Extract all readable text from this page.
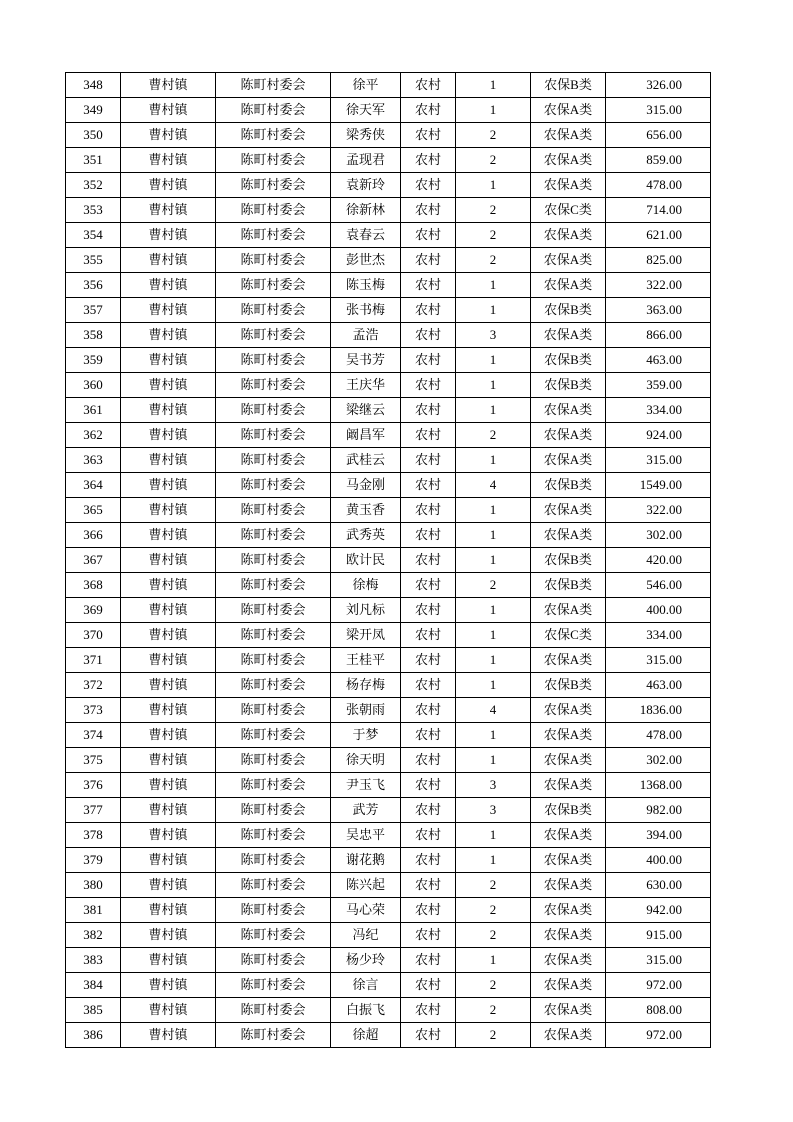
348	曹村镇	陈町村委会	徐平	农村	1	农保B类	326.00
349	曹村镇	陈町村委会	徐天军	农村	1	农保A类	315.00
350	曹村镇	陈町村委会	梁秀侠	农村	2	农保A类	656.00
351	曹村镇	陈町村委会	孟现君	农村	2	农保A类	859.00
352	曹村镇	陈町村委会	袁新玲	农村	1	农保A类	478.00
353	曹村镇	陈町村委会	徐新林	农村	2	农保C类	714.00
354	曹村镇	陈町村委会	袁春云	农村	2	农保A类	621.00
355	曹村镇	陈町村委会	彭世杰	农村	2	农保A类	825.00
356	曹村镇	陈町村委会	陈玉梅	农村	1	农保A类	322.00
357	曹村镇	陈町村委会	张书梅	农村	1	农保B类	363.00
358	曹村镇	陈町村委会	孟浩	农村	3	农保A类	866.00
359	曹村镇	陈町村委会	吴书芳	农村	1	农保B类	463.00
360	曹村镇	陈町村委会	王庆华	农村	1	农保B类	359.00
361	曹村镇	陈町村委会	梁继云	农村	1	农保A类	334.00
362	曹村镇	陈町村委会	阚昌军	农村	2	农保A类	924.00
363	曹村镇	陈町村委会	武桂云	农村	1	农保A类	315.00
364	曹村镇	陈町村委会	马金刚	农村	4	农保B类	1549.00
365	曹村镇	陈町村委会	黄玉香	农村	1	农保A类	322.00
366	曹村镇	陈町村委会	武秀英	农村	1	农保A类	302.00
367	曹村镇	陈町村委会	欧计民	农村	1	农保B类	420.00
368	曹村镇	陈町村委会	徐梅	农村	2	农保B类	546.00
369	曹村镇	陈町村委会	刘凡标	农村	1	农保A类	400.00
370	曹村镇	陈町村委会	梁开凤	农村	1	农保C类	334.00
371	曹村镇	陈町村委会	王桂平	农村	1	农保A类	315.00
372	曹村镇	陈町村委会	杨存梅	农村	1	农保B类	463.00
373	曹村镇	陈町村委会	张朝雨	农村	4	农保A类	1836.00
374	曹村镇	陈町村委会	于梦	农村	1	农保A类	478.00
375	曹村镇	陈町村委会	徐天明	农村	1	农保A类	302.00
376	曹村镇	陈町村委会	尹玉飞	农村	3	农保A类	1368.00
377	曹村镇	陈町村委会	武芳	农村	3	农保B类	982.00
378	曹村镇	陈町村委会	吴忠平	农村	1	农保A类	394.00
379	曹村镇	陈町村委会	谢花鹅	农村	1	农保A类	400.00
380	曹村镇	陈町村委会	陈兴起	农村	2	农保A类	630.00
381	曹村镇	陈町村委会	马心荣	农村	2	农保A类	942.00
382	曹村镇	陈町村委会	冯纪	农村	2	农保A类	915.00
383	曹村镇	陈町村委会	杨少玲	农村	1	农保A类	315.00
384	曹村镇	陈町村委会	徐言	农村	2	农保A类	972.00
385	曹村镇	陈町村委会	白振飞	农村	2	农保A类	808.00
386	曹村镇	陈町村委会	徐超	农村	2	农保A类	972.00
